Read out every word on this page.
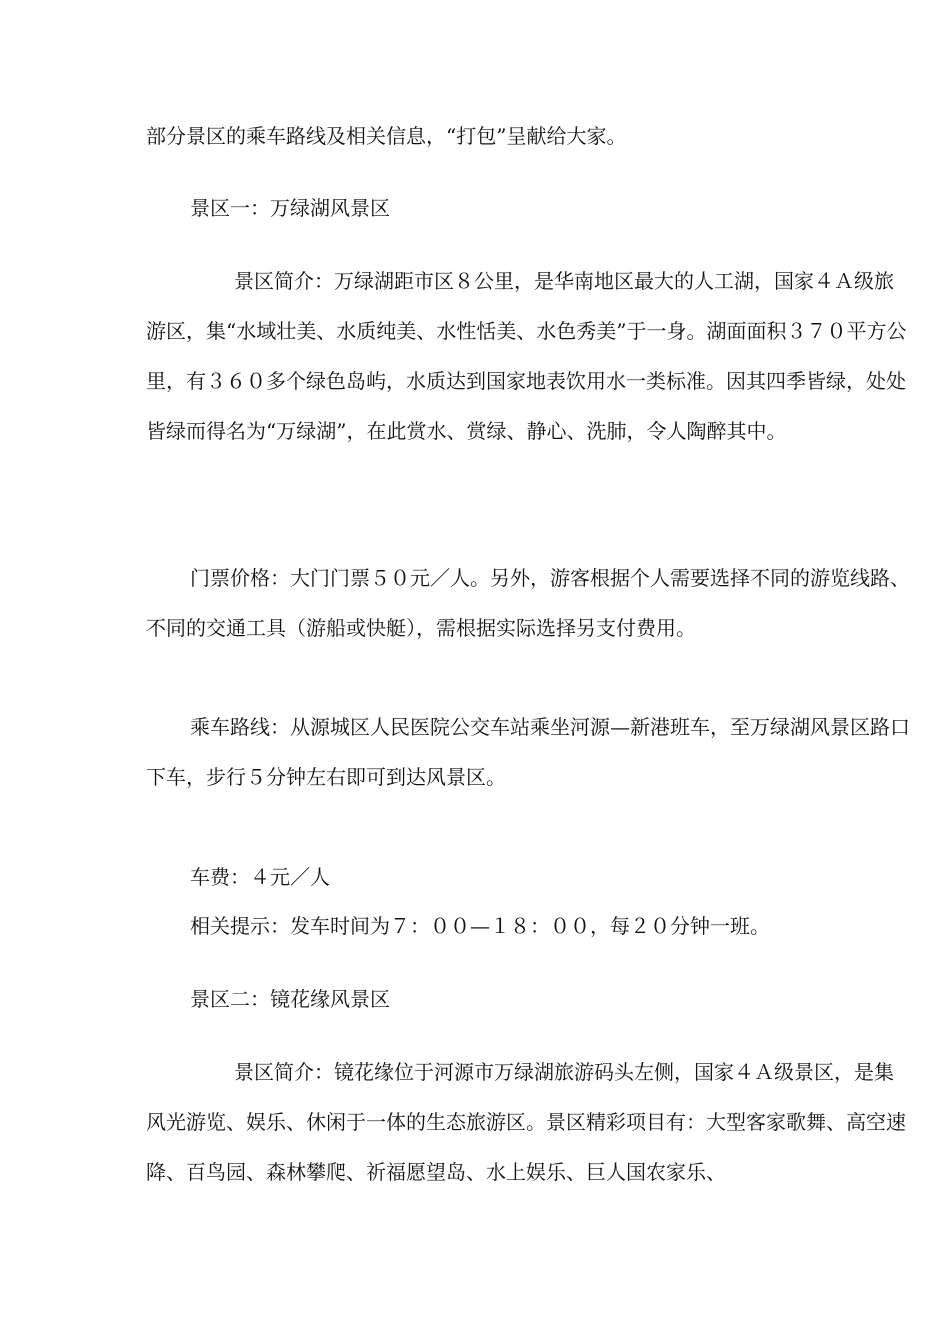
部分景区的乘车路线及相关信息，“打包”呈献给大家。

景区一：万绿湖风景区

景区简介：万绿湖距市区８公里，是华南地区最大的人工湖，国家４Ａ级旅游区，集“水域壮美、水质纯美、水性恬美、水色秀美”于一身。湖面面积３７０平方公里，有３６０多个绿色岛屿，水质达到国家地表饮用水一类标准。因其四季皆绿，处处皆绿而得名为“万绿湖”，在此赏水、赏绿、静心、洗肺，令人陶醉其中。

门票价格：大门门票５０元／人。另外，游客根据个人需要选择不同的游览线路、不同的交通工具（游船或快艇），需根据实际选择另支付费用。

乘车路线：从源城区人民医院公交车站乘坐河源—新港班车，至万绿湖风景区路口下车，步行５分钟左右即可到达风景区。

车费：４元／人

相关提示：发车时间为７：００—１８：００，每２０分钟一班。

景区二：镜花缘风景区

景区简介：镜花缘位于河源市万绿湖旅游码头左侧，国家４Ａ级景区，是集风光游览、娱乐、休闲于一体的生态旅游区。景区精彩项目有：大型客家歌舞、高空速降、百鸟园、森林攀爬、祈福愿望岛、水上娱乐、巨人国农家乐、
